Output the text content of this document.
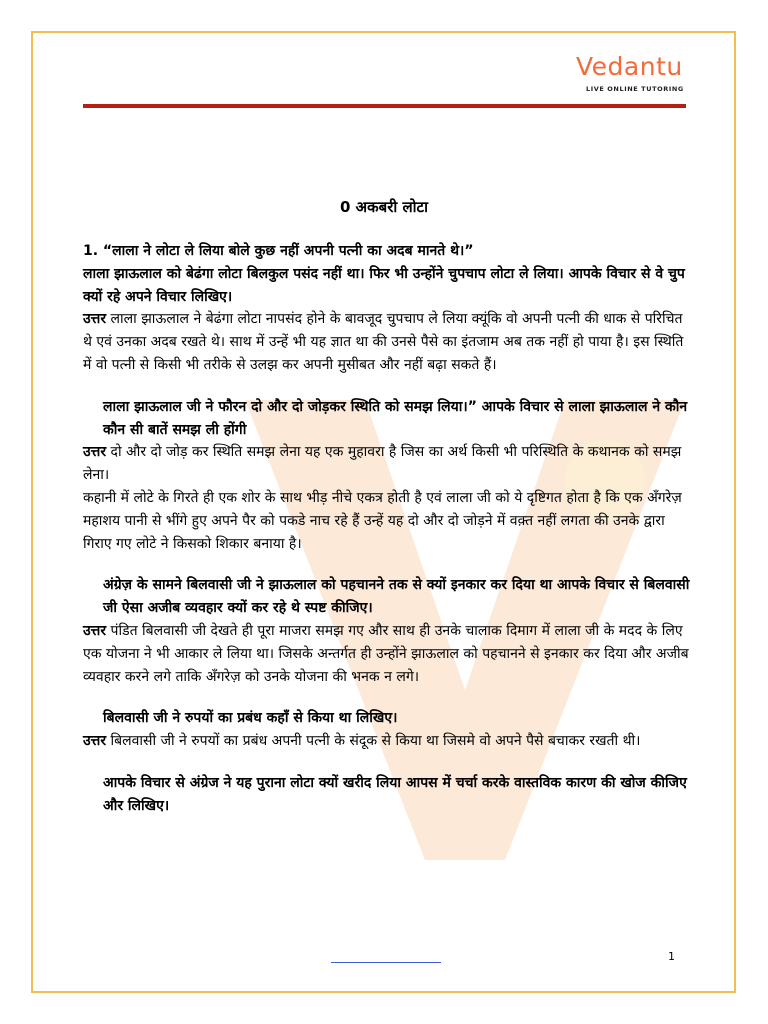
Vedantu
LIVE ONLINE TUTORING
0 अकबरी लोटा

1. “लाला ने लोटा ले लिया बोले कुछ नहीं अपनी पत्नी का अदब मानते थे।”

लाला झाऊलाल को बेढंगा लोटा बिलकुल पसंद नहीं था। फिर भी उन्होंने चुपचाप लोटा ले लिया। आपके विचार से वे चुप क्यों रहे अपने विचार लिखिए।

उत्तर लाला झाऊलाल ने बेढंगा लोटा नापसंद होने के बावजूद चुपचाप ले लिया क्यूंकि वो अपनी पत्नी की धाक से परिचित थे एवं उनका अदब रखते थे। साथ में उन्हें भी यह ज्ञात था की उनसे पैसे का इंतजाम अब तक नहीं हो पाया है। इस स्थिति में वो पत्नी से किसी भी तरीके से उलझ कर अपनी मुसीबत और नहीं बढ़ा सकते हैं।

लाला झाऊलाल जी ने फौरन दो और दो जोड़कर स्थिति को समझ लिया।” आपके विचार से लाला झाऊलाल ने कौन कौन सी बातें समझ ली होंगी

उत्तर दो और दो जोड़ कर स्थिति समझ लेना यह एक मुहावरा है जिस का अर्थ किसी भी परिस्थिति के कथानक को समझ लेना।

कहानी में लोटे के गिरते ही एक शोर के साथ भीड़ नीचे एकत्र होती है एवं लाला जी को ये दृष्टिगत होता है कि एक अँगरेज़ महाशय पानी से भींगे हुए अपने पैर को पकडे नाच रहे हैं उन्हें यह दो और दो जोड़ने में वक़्त नहीं लगता की उनके द्वारा गिराए गए लोटे ने किसको शिकार बनाया है।

अंग्रेज़ के सामने बिलवासी जी ने झाऊलाल को पहचानने तक से क्यों इनकार कर दिया था आपके विचार से बिलवासी जी ऐसा अजीब व्यवहार क्यों कर रहे थे स्पष्ट कीजिए।

उत्तर पंडित बिलवासी जी देखते ही पूरा माजरा समझ गए और साथ ही उनके चालाक दिमाग में लाला जी के मदद के लिए एक योजना ने भी आकार ले लिया था। जिसके अन्तर्गत ही उन्होंने झाऊलाल को पहचानने से इनकार कर दिया और अजीब व्यवहार करने लगे ताकि अँगरेज़ को उनके योजना की भनक न लगे।

बिलवासी जी ने रुपयों का प्रबंध कहाँ से किया था लिखिए।

उत्तर बिलवासी जी ने रुपयों का प्रबंध अपनी पत्नी के संदूक से किया था जिसमे वो अपने पैसे बचाकर रखती थी।

आपके विचार से अंग्रेज ने यह पुराना लोटा क्यों खरीद लिया आपस में चर्चा करके वास्तविक कारण की खोज कीजिए और लिखिए।

1
